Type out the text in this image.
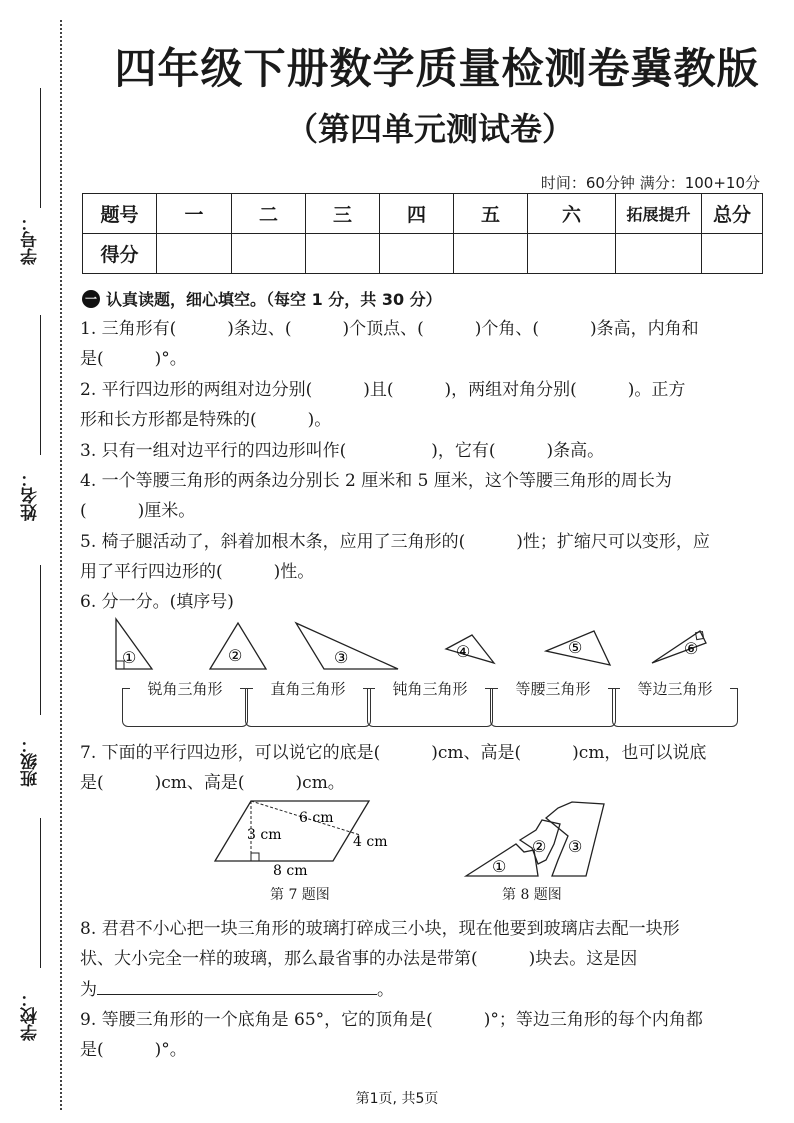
学号：
姓名：
班级：
学校：
四年级下册数学质量检测卷冀教版
（第四单元测试卷）
时间：60分钟 满分：100+10分
题号	一	二	三	四	五	六	拓展提升	总分
得分								
一 认真读题，细心填空。（每空 1 分，共 30 分）

1. 三角形有(　　　)条边、(　　　)个顶点、(　　　)个角、(　　　)条高，内角和

是(　　　)°。

2. 平行四边形的两组对边分别(　　　)且(　　　)，两组对角分别(　　　)。正方

形和长方形都是特殊的(　　　)。

3. 只有一组对边平行的四边形叫作(　　　　　)，它有(　　　)条高。

4. 一个等腰三角形的两条边分别长 2 厘米和 5 厘米，这个等腰三角形的周长为

(　　　)厘米。

5. 椅子腿活动了，斜着加根木条，应用了三角形的(　　　)性；扩缩尺可以变形，应

用了平行四边形的(　　　)性。

6. 分一分。(填序号)

①	②	③	④	⑤	⑥
锐角三角形	直角三角形	钝角三角形	等腰三角形	等边三角形

7. 下面的平行四边形，可以说它的底是(　　　)cm、高是(　　　)cm，也可以说底

是(　　　)cm、高是(　　　)cm。

6 cm
3 cm	4 cm
8 cm
第 7 题图
①
② ③
第 8 题图

8. 君君不小心把一块三角形的玻璃打碎成三小块，现在他要到玻璃店去配一块形

状、大小完全一样的玻璃，那么最省事的办法是带第(　　　)块去。这是因

为	。

9. 等腰三角形的一个底角是 65°，它的顶角是(　　　)°；等边三角形的每个内角都

是(　　　)°。

第1页, 共5页
